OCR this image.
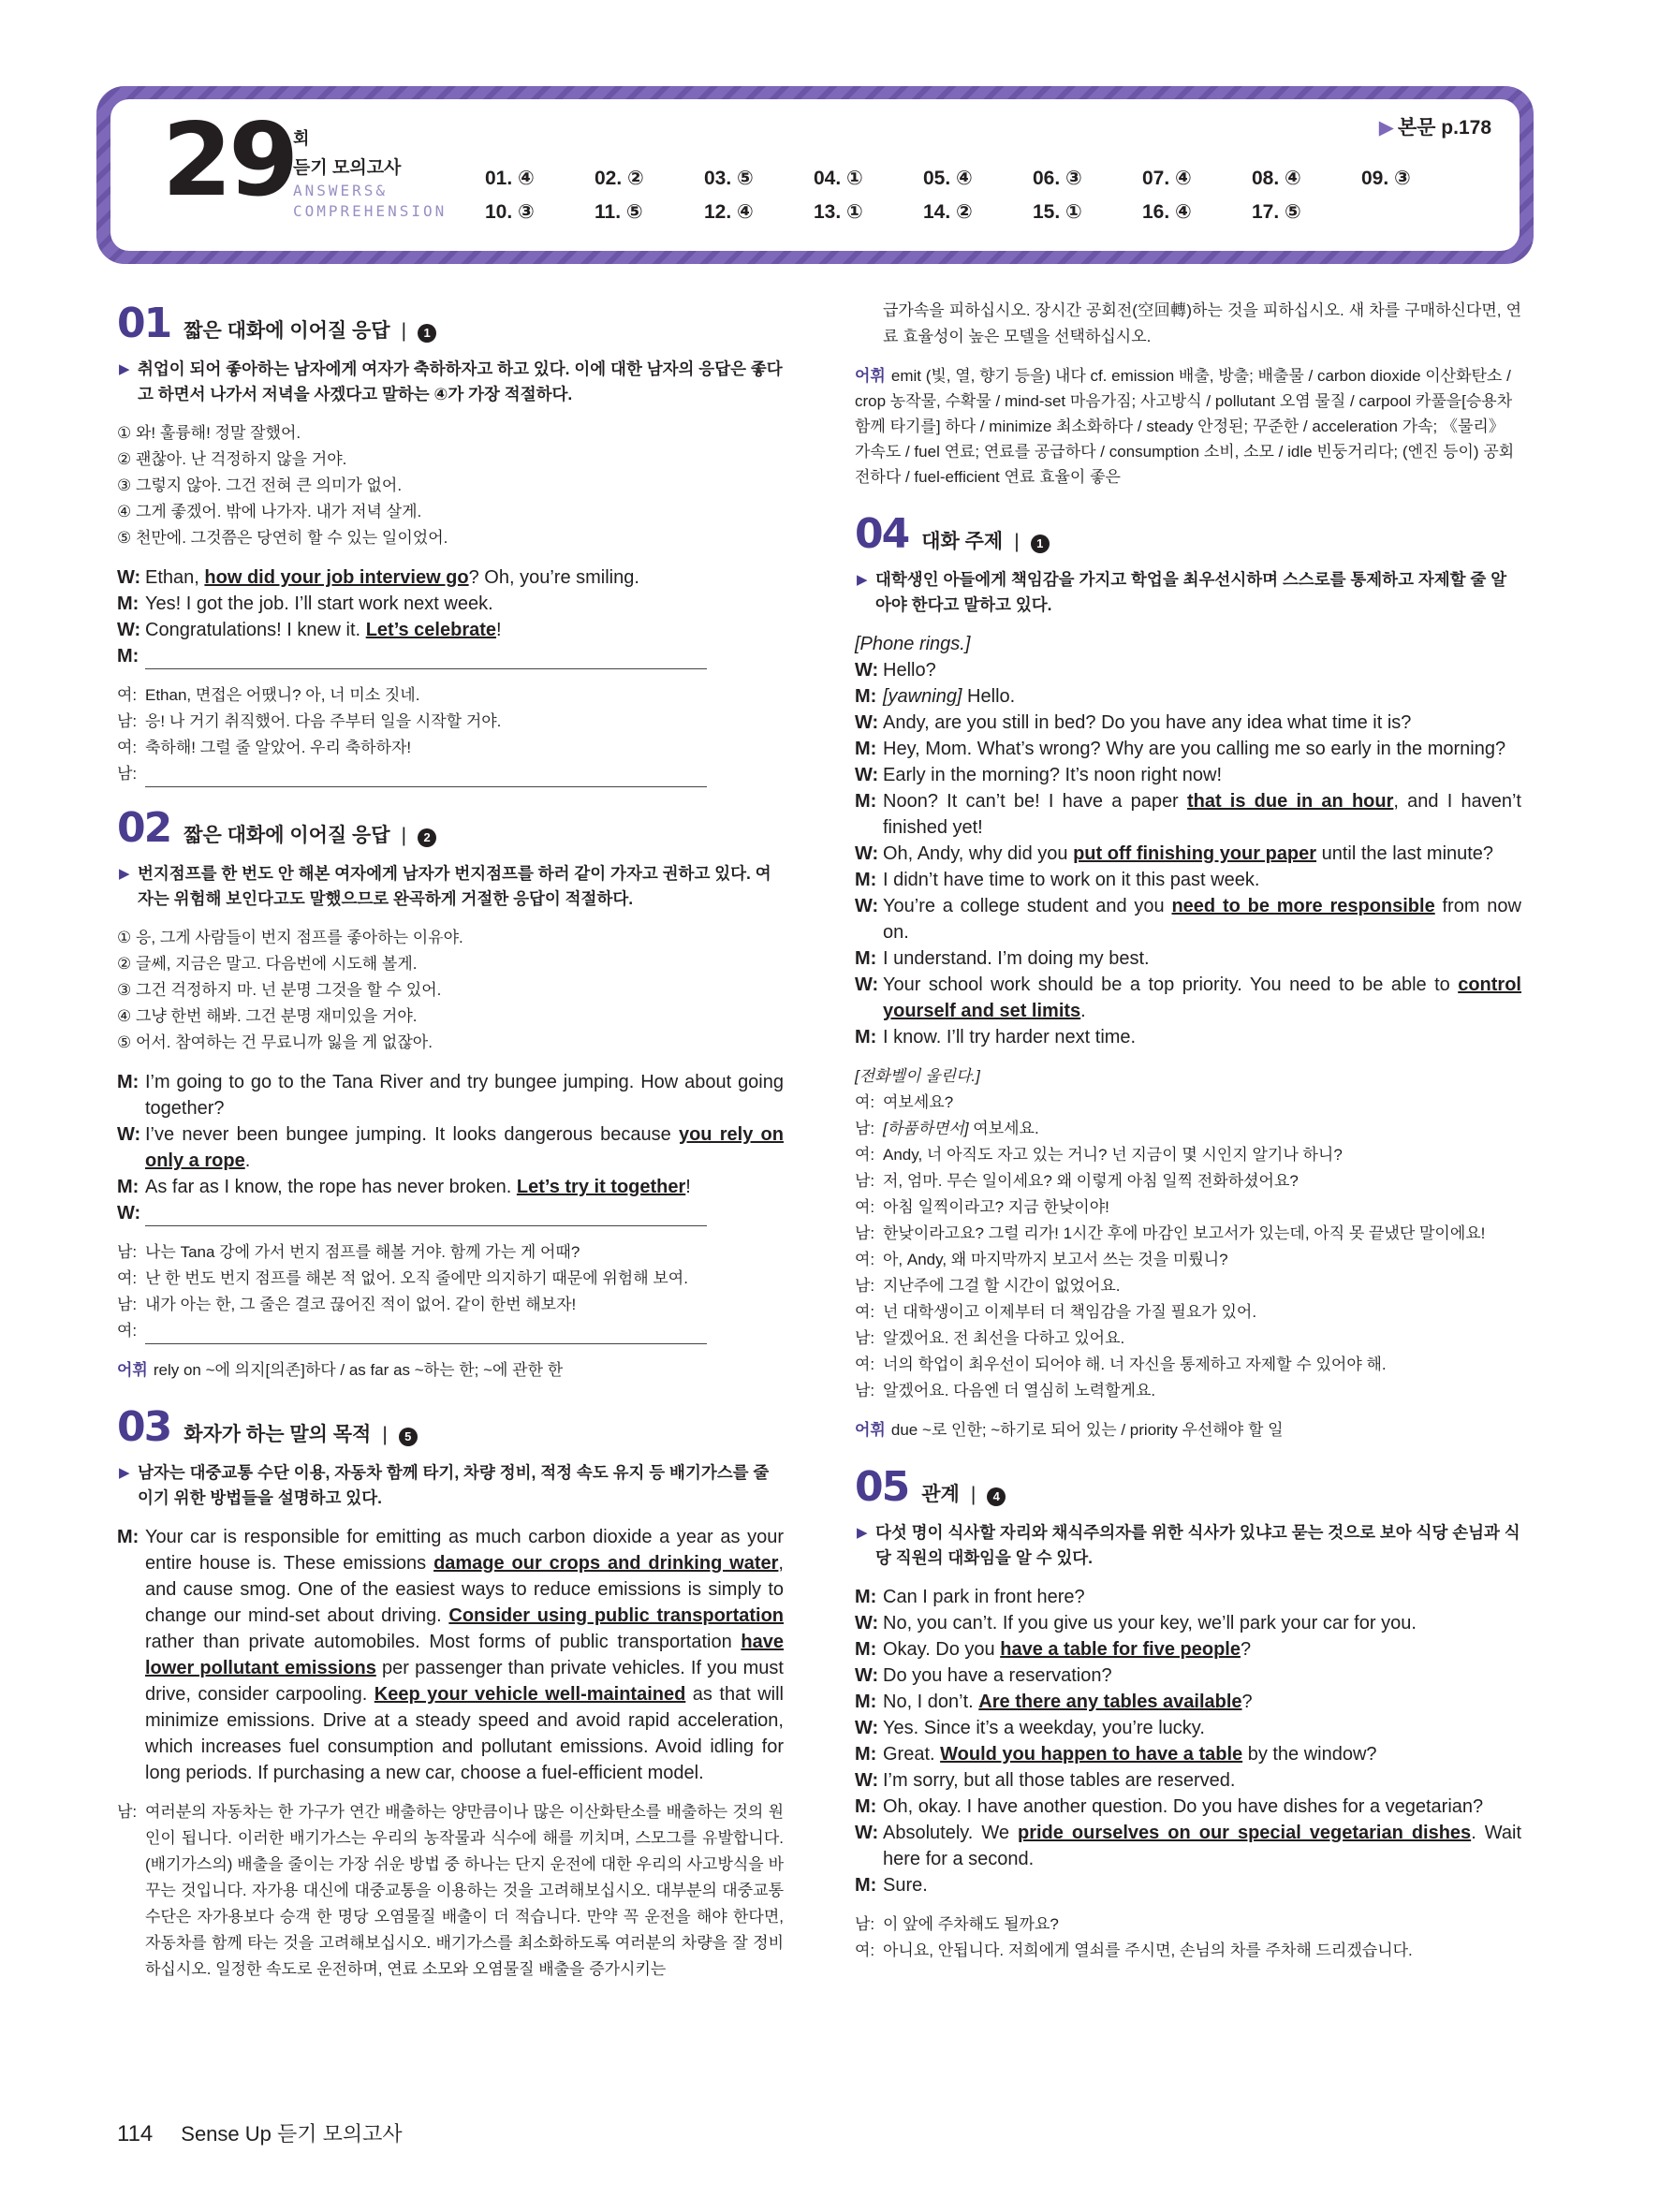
29
회
듣기 모의고사
ANSWERS&
COMPREHENSION
▶ 본문 p.178
01. ④	02. ②	03. ⑤	04. ①	05. ④	06. ③	07. ④	08. ④	09. ③
10. ③	11. ⑤	12. ④	13. ①	14. ②	15. ①	16. ④	17. ⑤
01 짧은 대화에 이어질 응답 |	1
▶ 취업이 되어 좋아하는 남자에게 여자가 축하하자고 하고 있다. 이에 대한 남자의 응답은 좋다고 하면서 나가서 저녁을 사겠다고 말하는 ④가 가장 적절하다.
① 와! 훌륭해! 정말 잘했어.
② 괜찮아. 난 걱정하지 않을 거야.
③ 그렇지 않아. 그건 전혀 큰 의미가 없어.
④ 그게 좋겠어. 밖에 나가자. 내가 저녁 살게.
⑤ 천만에. 그것쯤은 당연히 할 수 있는 일이었어.
W: Ethan, how did your job interview go? Oh, you’re smiling.
M: Yes! I got the job. I’ll start work next week.
W: Congratulations! I knew it. Let’s celebrate!
M:
여: Ethan, 면접은 어땠니? 아, 너 미소 짓네.
남: 응! 나 거기 취직했어. 다음 주부터 일을 시작할 거야.
여: 축하해! 그럴 줄 알았어. 우리 축하하자!
남:
02 짧은 대화에 이어질 응답 |	2
▶ 번지점프를 한 번도 안 해본 여자에게 남자가 번지점프를 하러 같이 가자고 권하고 있다. 여자는 위험해 보인다고도 말했으므로 완곡하게 거절한 응답이 적절하다.
① 응, 그게 사람들이 번지 점프를 좋아하는 이유야.
② 글쎄, 지금은 말고. 다음번에 시도해 볼게.
③ 그건 걱정하지 마. 넌 분명 그것을 할 수 있어.
④ 그냥 한번 해봐. 그건 분명 재미있을 거야.
⑤ 어서. 참여하는 건 무료니까 잃을 게 없잖아.
M: I’m going to go to the Tana River and try bungee jumping. How about going together?
W: I’ve never been bungee jumping. It looks dangerous because you rely on only a rope.
M: As far as I know, the rope has never broken. Let’s try it together!
W:
남: 나는 Tana 강에 가서 번지 점프를 해볼 거야. 함께 가는 게 어때?
여: 난 한 번도 번지 점프를 해본 적 없어. 오직 줄에만 의지하기 때문에 위험해 보여.
남: 내가 아는 한, 그 줄은 결코 끊어진 적이 없어. 같이 한번 해보자!
여:
어휘 rely on ~에 의지[의존]하다 / as far as ~하는 한; ~에 관한 한
03 화자가 하는 말의 목적 |	5
▶ 남자는 대중교통 수단 이용, 자동차 함께 타기, 차량 정비, 적정 속도 유지 등 배기가스를 줄이기 위한 방법들을 설명하고 있다.
M: Your car is responsible for emitting as much carbon dioxide a year as your entire house is. These emissions damage our crops and drinking water, and cause smog. One of the easiest ways to reduce emissions is simply to change our mind-set about driving. Consider using public transportation rather than private automobiles. Most forms of public transportation have lower pollutant emissions per passenger than private vehicles. If you must drive, consider carpooling. Keep your vehicle well-maintained as that will minimize emissions. Drive at a steady speed and avoid rapid acceleration, which increases fuel consumption and pollutant emissions. Avoid idling for long periods. If purchasing a new car, choose a fuel-efficient model.
남: 여러분의 자동차는 한 가구가 연간 배출하는 양만큼이나 많은 이산화탄소를 배출하는 것의 원인이 됩니다. 이러한 배기가스는 우리의 농작물과 식수에 해를 끼치며, 스모그를 유발합니다. (배기가스의) 배출을 줄이는 가장 쉬운 방법 중 하나는 단지 운전에 대한 우리의 사고방식을 바꾸는 것입니다. 자가용 대신에 대중교통을 이용하는 것을 고려해보십시오. 대부분의 대중교통 수단은 자가용보다 승객 한 명당 오염물질 배출이 더 적습니다. 만약 꼭 운전을 해야 한다면, 자동차를 함께 타는 것을 고려해보십시오. 배기가스를 최소화하도록 여러분의 차량을 잘 정비하십시오. 일정한 속도로 운전하며, 연료 소모와 오염물질 배출을 증가시키는
급가속을 피하십시오. 장시간 공회전(空回轉)하는 것을 피하십시오. 새 차를 구매하신다면, 연료 효율성이 높은 모델을 선택하십시오.
어휘 emit (빛, 열, 향기 등을) 내다 cf. emission 배출, 방출; 배출물 / carbon dioxide 이산화탄소 / crop 농작물, 수확물 / mind-set 마음가짐; 사고방식 / pollutant 오염 물질 / carpool 카풀을[승용차 함께 타기를] 하다 / minimize 최소화하다 / steady 안정된; 꾸준한 / acceleration 가속; 《물리》 가속도 / fuel 연료; 연료를 공급하다 / consumption 소비, 소모 / idle 빈둥거리다; (엔진 등이) 공회전하다 / fuel-efficient 연료 효율이 좋은
04 대화 주제 |	1
▶ 대학생인 아들에게 책임감을 가지고 학업을 최우선시하며 스스로를 통제하고 자제할 줄 알아야 한다고 말하고 있다.
[Phone rings.]
W: Hello?
M: [yawning] Hello.
W: Andy, are you still in bed? Do you have any idea what time it is?
M: Hey, Mom. What’s wrong? Why are you calling me so early in the morning?
W: Early in the morning? It’s noon right now!
M: Noon? It can’t be! I have a paper that is due in an hour, and I haven’t finished yet!
W: Oh, Andy, why did you put off finishing your paper until the last minute?
M: I didn’t have time to work on it this past week.
W: You’re a college student and you need to be more responsible from now on.
M: I understand. I’m doing my best.
W: Your school work should be a top priority. You need to be able to control yourself and set limits.
M: I know. I’ll try harder next time.
[전화벨이 울린다.]
여: 여보세요?
남: [하품하면서] 여보세요.
여: Andy, 너 아직도 자고 있는 거니? 넌 지금이 몇 시인지 알기나 하니?
남: 저, 엄마. 무슨 일이세요? 왜 이렇게 아침 일찍 전화하셨어요?
여: 아침 일찍이라고? 지금 한낮이야!
남: 한낮이라고요? 그럴 리가! 1시간 후에 마감인 보고서가 있는데, 아직 못 끝냈단 말이에요!
여: 아, Andy, 왜 마지막까지 보고서 쓰는 것을 미뤘니?
남: 지난주에 그걸 할 시간이 없었어요.
여: 넌 대학생이고 이제부터 더 책임감을 가질 필요가 있어.
남: 알겠어요. 전 최선을 다하고 있어요.
여: 너의 학업이 최우선이 되어야 해. 너 자신을 통제하고 자제할 수 있어야 해.
남: 알겠어요. 다음엔 더 열심히 노력할게요.
어휘 due ~로 인한; ~하기로 되어 있는 / priority 우선해야 할 일
05 관계 |	4
▶ 다섯 명이 식사할 자리와 채식주의자를 위한 식사가 있냐고 묻는 것으로 보아 식당 손님과 식당 직원의 대화임을 알 수 있다.
M: Can I park in front here?
W: No, you can’t. If you give us your key, we’ll park your car for you.
M: Okay. Do you have a table for five people?
W: Do you have a reservation?
M: No, I don’t. Are there any tables available?
W: Yes. Since it’s a weekday, you’re lucky.
M: Great. Would you happen to have a table by the window?
W: I’m sorry, but all those tables are reserved.
M: Oh, okay. I have another question. Do you have dishes for a vegetarian?
W: Absolutely. We pride ourselves on our special vegetarian dishes. Wait here for a second.
M: Sure.
남: 이 앞에 주차해도 될까요?
여: 아니요, 안됩니다. 저희에게 열쇠를 주시면, 손님의 차를 주차해 드리겠습니다.
114 Sense Up 듣기 모의고사
